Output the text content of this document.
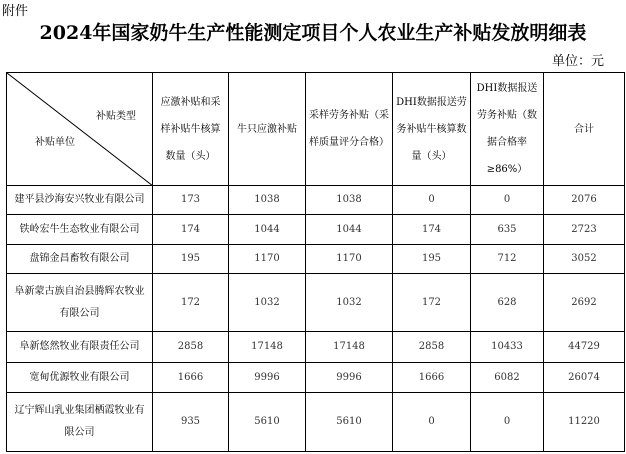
附件
2024年国家奶牛生产性能测定项目个人农业生产补贴发放明细表
单位：元
补贴类型
补贴单位	应激补贴和采样补贴牛核算数量（头）	牛只应激补贴	采样劳务补贴（采样质量评分合格）	DHI数据报送劳务补贴牛核算数量（头）	DHI数据报送劳务补贴（数据合格率≥86%）	合计
建平县沙海安兴牧业有限公司	173	1038	1038	0	0	2076
铁岭宏牛生态牧业有限公司	174	1044	1044	174	635	2723
盘锦金昌畜牧有限公司	195	1170	1170	195	712	3052
阜新蒙古族自治县腾辉农牧业有限公司	172	1032	1032	172	628	2692
阜新悠然牧业有限责任公司	2858	17148	17148	2858	10433	44729
宽甸优源牧业有限公司	1666	9996	9996	1666	6082	26074
辽宁辉山乳业集团栖霞牧业有限公司	935	5610	5610	0	0	11220
